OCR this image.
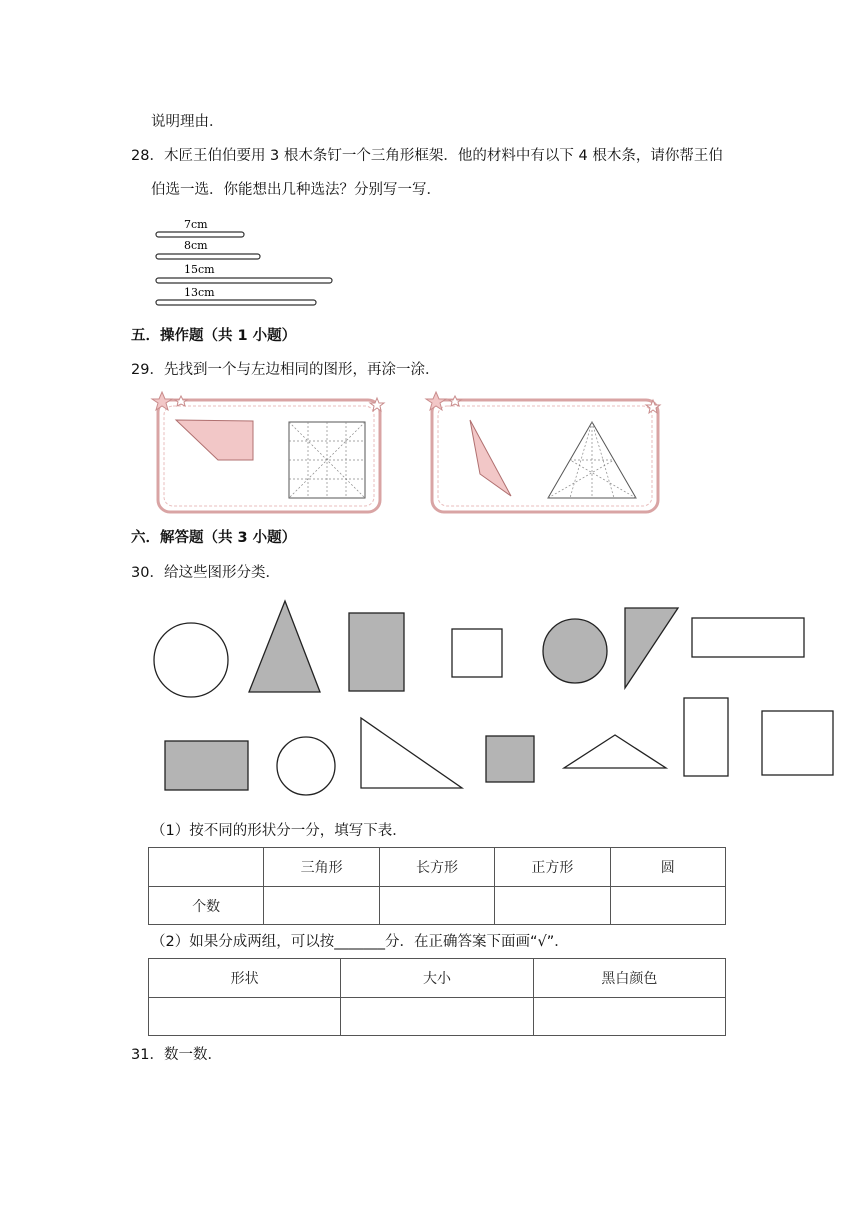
说明理由．
28．木匠王伯伯要用 3 根木条钉一个三角形框架．他的材料中有以下 4 根木条，请你帮王伯
伯选一选．你能想出几种选法？分别写一写．
7cm
8cm
15cm
13cm
五．操作题（共 1 小题）
29．先找到一个与左边相同的图形，再涂一涂．
六．解答题（共 3 小题）
30．给这些图形分类．
（1）按不同的形状分一分，填写下表．
	三角形	长方形	正方形	圆
个数				
（2）如果分成两组，可以按_______分．在正确答案下面画“√”．
形状	大小	黑白颜色

31．数一数．
